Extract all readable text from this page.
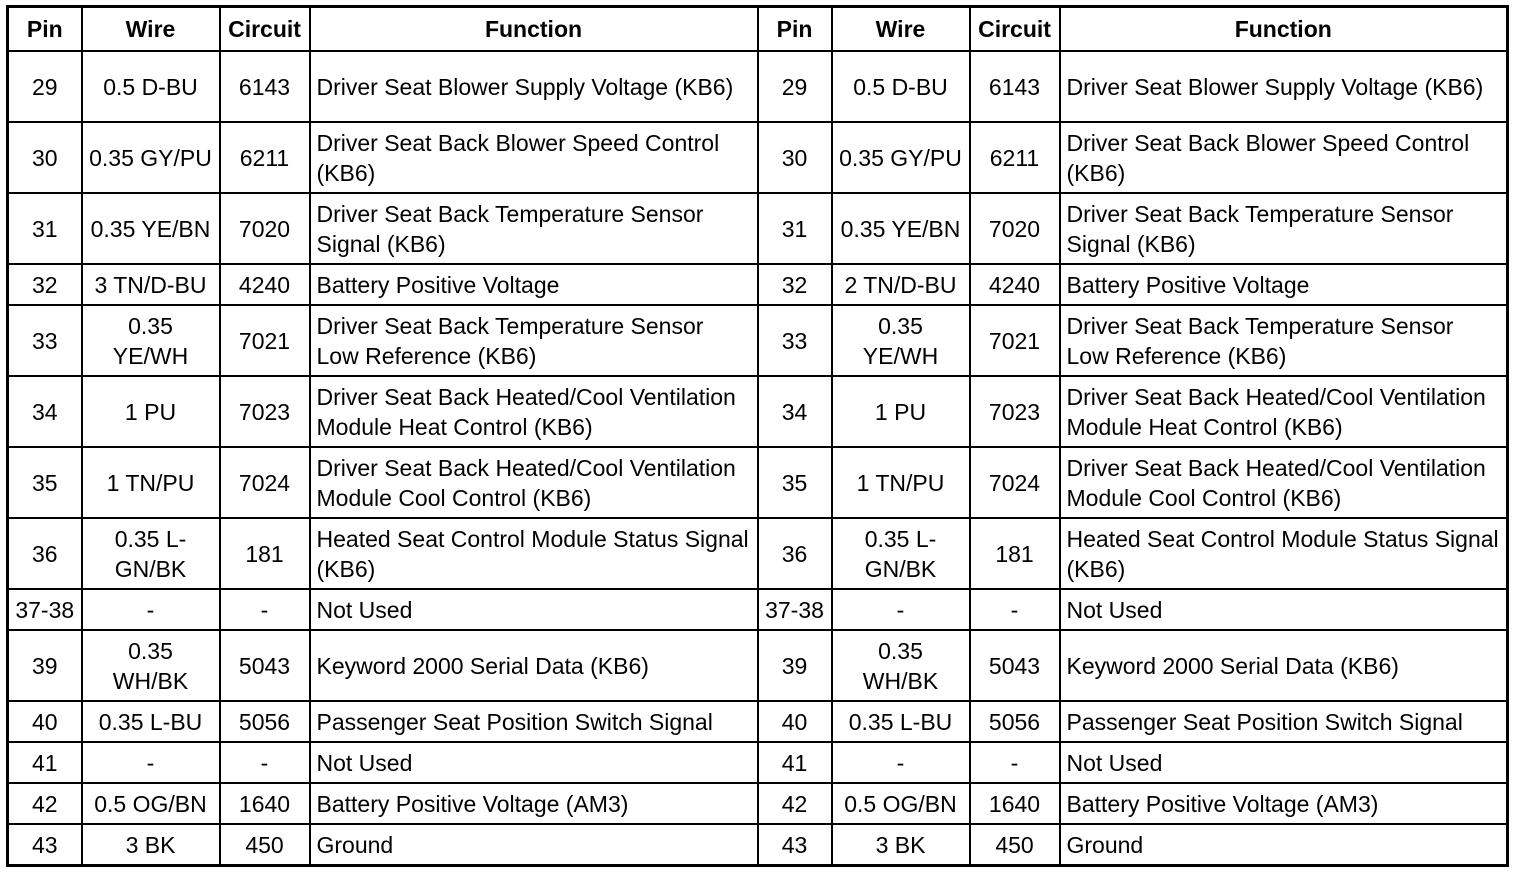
Pin	Wire	Circuit	Function	Pin	Wire	Circuit	Function
29	0.5 D-BU	6143	Driver Seat Blower Supply Voltage (KB6)	29	0.5 D-BU	6143	Driver Seat Blower Supply Voltage (KB6)
30	0.35 GY/PU	6211	Driver Seat Back Blower Speed Control (KB6)	30	0.35 GY/PU	6211	Driver Seat Back Blower Speed Control (KB6)
31	0.35 YE/BN	7020	Driver Seat Back Temperature Sensor Signal (KB6)	31	0.35 YE/BN	7020	Driver Seat Back Temperature Sensor Signal (KB6)
32	3 TN/D-BU	4240	Battery Positive Voltage	32	2 TN/D-BU	4240	Battery Positive Voltage
33	0.35 YE/WH	7021	Driver Seat Back Temperature Sensor Low Reference (KB6)	33	0.35 YE/WH	7021	Driver Seat Back Temperature Sensor Low Reference (KB6)
34	1 PU	7023	Driver Seat Back Heated/Cool Ventilation Module Heat Control (KB6)	34	1 PU	7023	Driver Seat Back Heated/Cool Ventilation Module Heat Control (KB6)
35	1 TN/PU	7024	Driver Seat Back Heated/Cool Ventilation Module Cool Control (KB6)	35	1 TN/PU	7024	Driver Seat Back Heated/Cool Ventilation Module Cool Control (KB6)
36	0.35 L-GN/BK	181	Heated Seat Control Module Status Signal (KB6)	36	0.35 L-GN/BK	181	Heated Seat Control Module Status Signal (KB6)
37-38	-	-	Not Used	37-38	-	-	Not Used
39	0.35 WH/BK	5043	Keyword 2000 Serial Data (KB6)	39	0.35 WH/BK	5043	Keyword 2000 Serial Data (KB6)
40	0.35 L-BU	5056	Passenger Seat Position Switch Signal	40	0.35 L-BU	5056	Passenger Seat Position Switch Signal
41	-	-	Not Used	41	-	-	Not Used
42	0.5 OG/BN	1640	Battery Positive Voltage (AM3)	42	0.5 OG/BN	1640	Battery Positive Voltage (AM3)
43	3 BK	450	Ground	43	3 BK	450	Ground
